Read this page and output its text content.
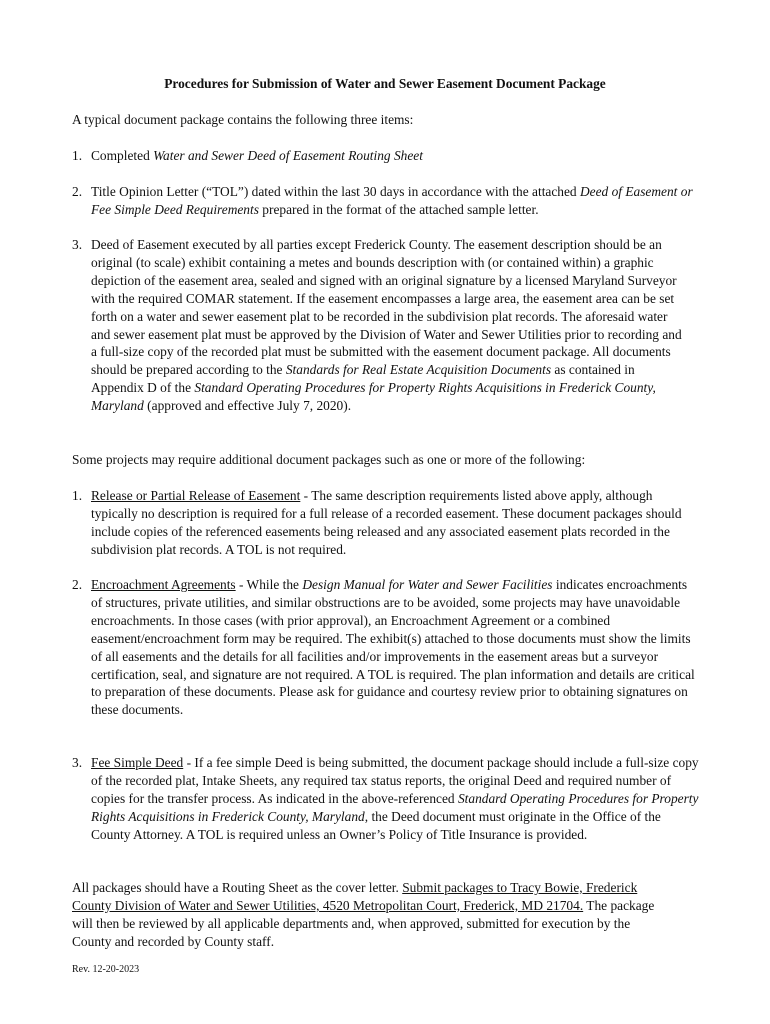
Procedures for Submission of Water and Sewer Easement Document Package
A typical document package contains the following three items:
1. Completed Water and Sewer Deed of Easement Routing Sheet
2. Title Opinion Letter (“TOL”) dated within the last 30 days in accordance with the attached Deed of Easement or Fee Simple Deed Requirements prepared in the format of the attached sample letter.
3. Deed of Easement executed by all parties except Frederick County. The easement description should be an original (to scale) exhibit containing a metes and bounds description with (or contained within) a graphic depiction of the easement area, sealed and signed with an original signature by a licensed Maryland Surveyor with the required COMAR statement. If the easement encompasses a large area, the easement area can be set forth on a water and sewer easement plat to be recorded in the subdivision plat records. The aforesaid water and sewer easement plat must be approved by the Division of Water and Sewer Utilities prior to recording and a full-size copy of the recorded plat must be submitted with the easement document package. All documents should be prepared according to the Standards for Real Estate Acquisition Documents as contained in Appendix D of the Standard Operating Procedures for Property Rights Acquisitions in Frederick County, Maryland (approved and effective July 7, 2020).
Some projects may require additional document packages such as one or more of the following:
1. Release or Partial Release of Easement - The same description requirements listed above apply, although typically no description is required for a full release of a recorded easement. These document packages should include copies of the referenced easements being released and any associated easement plats recorded in the subdivision plat records. A TOL is not required.
2. Encroachment Agreements - While the Design Manual for Water and Sewer Facilities indicates encroachments of structures, private utilities, and similar obstructions are to be avoided, some projects may have unavoidable encroachments. In those cases (with prior approval), an Encroachment Agreement or a combined easement/encroachment form may be required. The exhibit(s) attached to those documents must show the limits of all easements and the details for all facilities and/or improvements in the easement areas but a surveyor certification, seal, and signature are not required. A TOL is required. The plan information and details are critical to preparation of these documents. Please ask for guidance and courtesy review prior to obtaining signatures on these documents.
3. Fee Simple Deed - If a fee simple Deed is being submitted, the document package should include a full-size copy of the recorded plat, Intake Sheets, any required tax status reports, the original Deed and required number of copies for the transfer process. As indicated in the above-referenced Standard Operating Procedures for Property Rights Acquisitions in Frederick County, Maryland, the Deed document must originate in the Office of the County Attorney. A TOL is required unless an Owner’s Policy of Title Insurance is provided.
All packages should have a Routing Sheet as the cover letter. Submit packages to Tracy Bowie, Frederick County Division of Water and Sewer Utilities, 4520 Metropolitan Court, Frederick, MD 21704. The package will then be reviewed by all applicable departments and, when approved, submitted for execution by the County and recorded by County staff.
Rev. 12-20-2023
